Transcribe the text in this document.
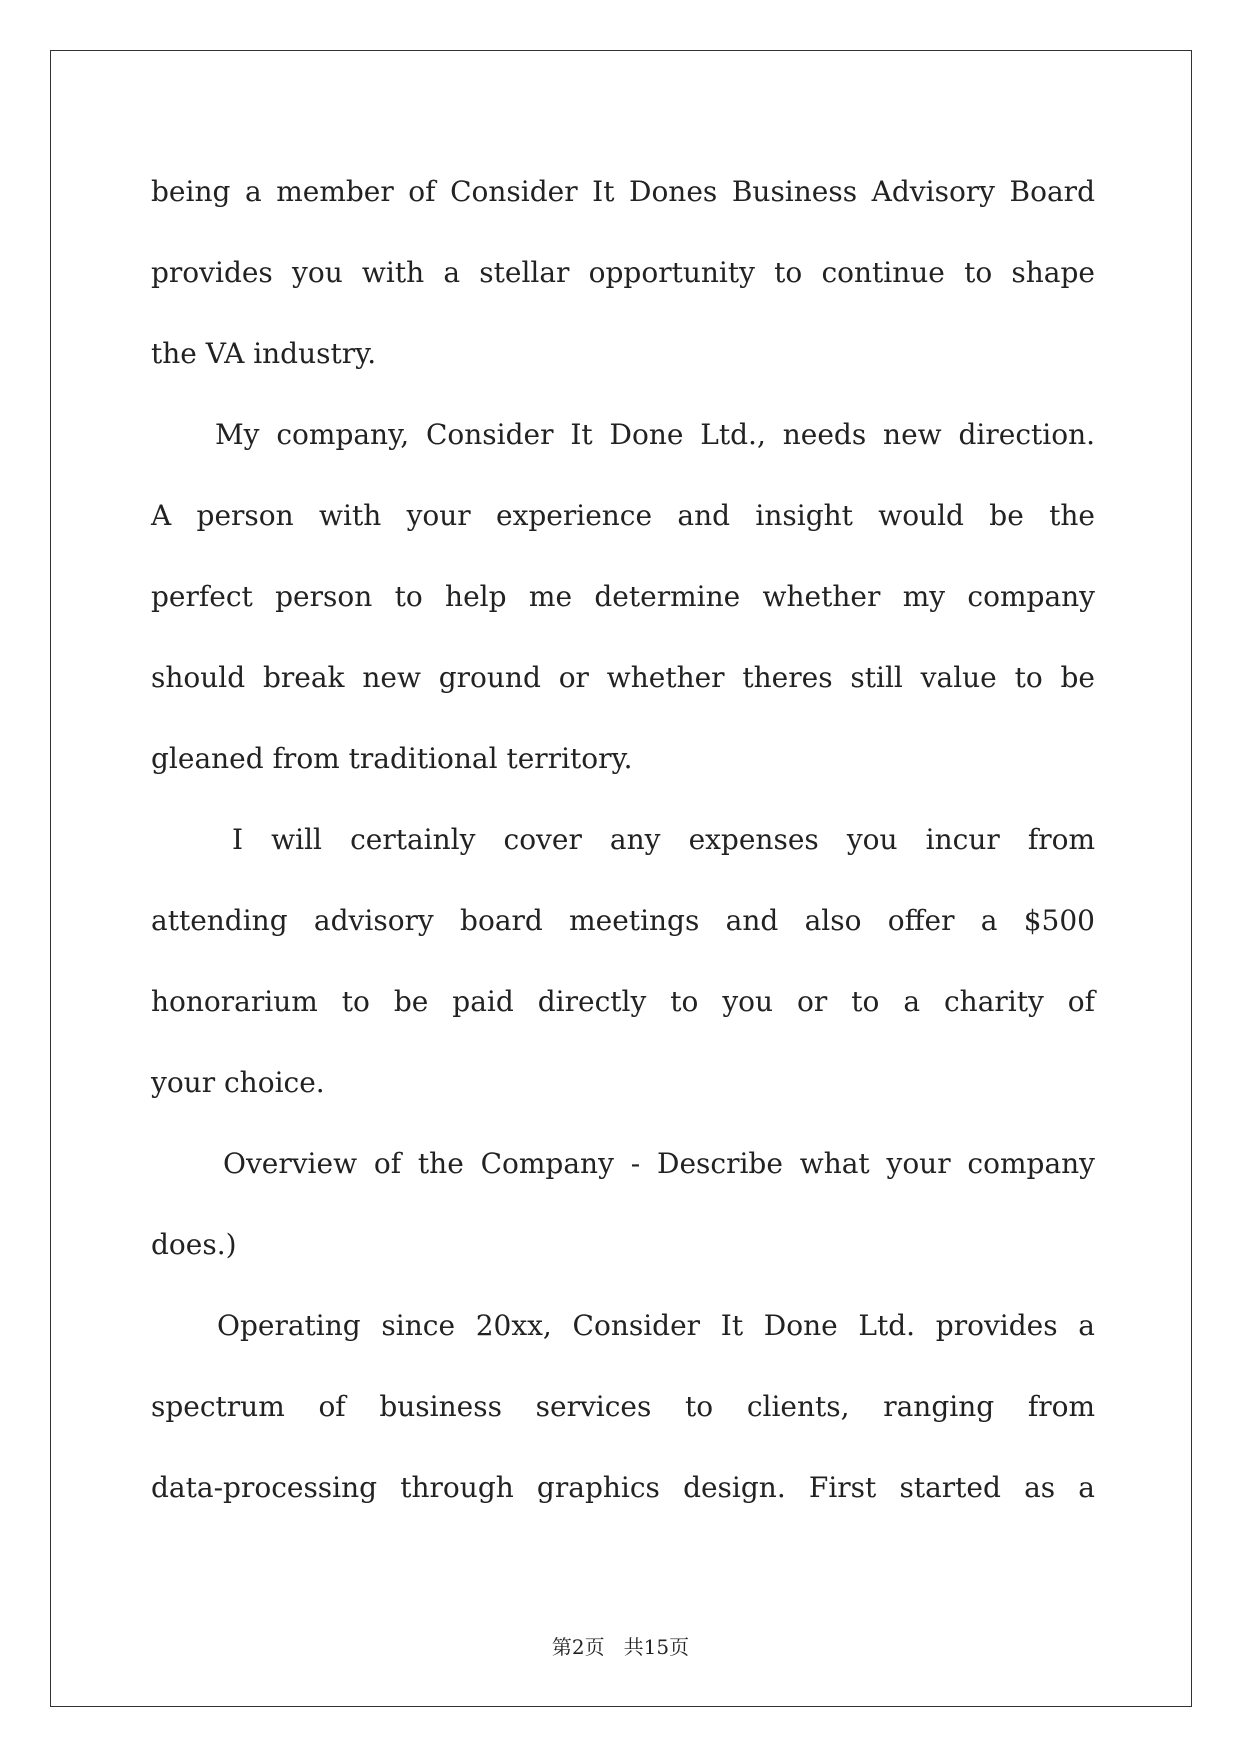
being a member of Consider It Dones Business Advisory Board
provides you with a stellar opportunity to continue to shape
the VA industry.
My company, Consider It Done Ltd., needs new direction.
A person with your experience and insight would be the
perfect person to help me determine whether my company
should break new ground or whether theres still value to be
gleaned from traditional territory.
I will certainly cover any expenses you incur from
attending advisory board meetings and also offer a $500
honorarium to be paid directly to you or to a charity of
your choice.
Overview of the Company - Describe what your company
does.)
Operating since 20xx, Consider It Done Ltd. provides a
spectrum of business services to clients, ranging from
data-processing through graphics design. First started as a
第2页   共15页
